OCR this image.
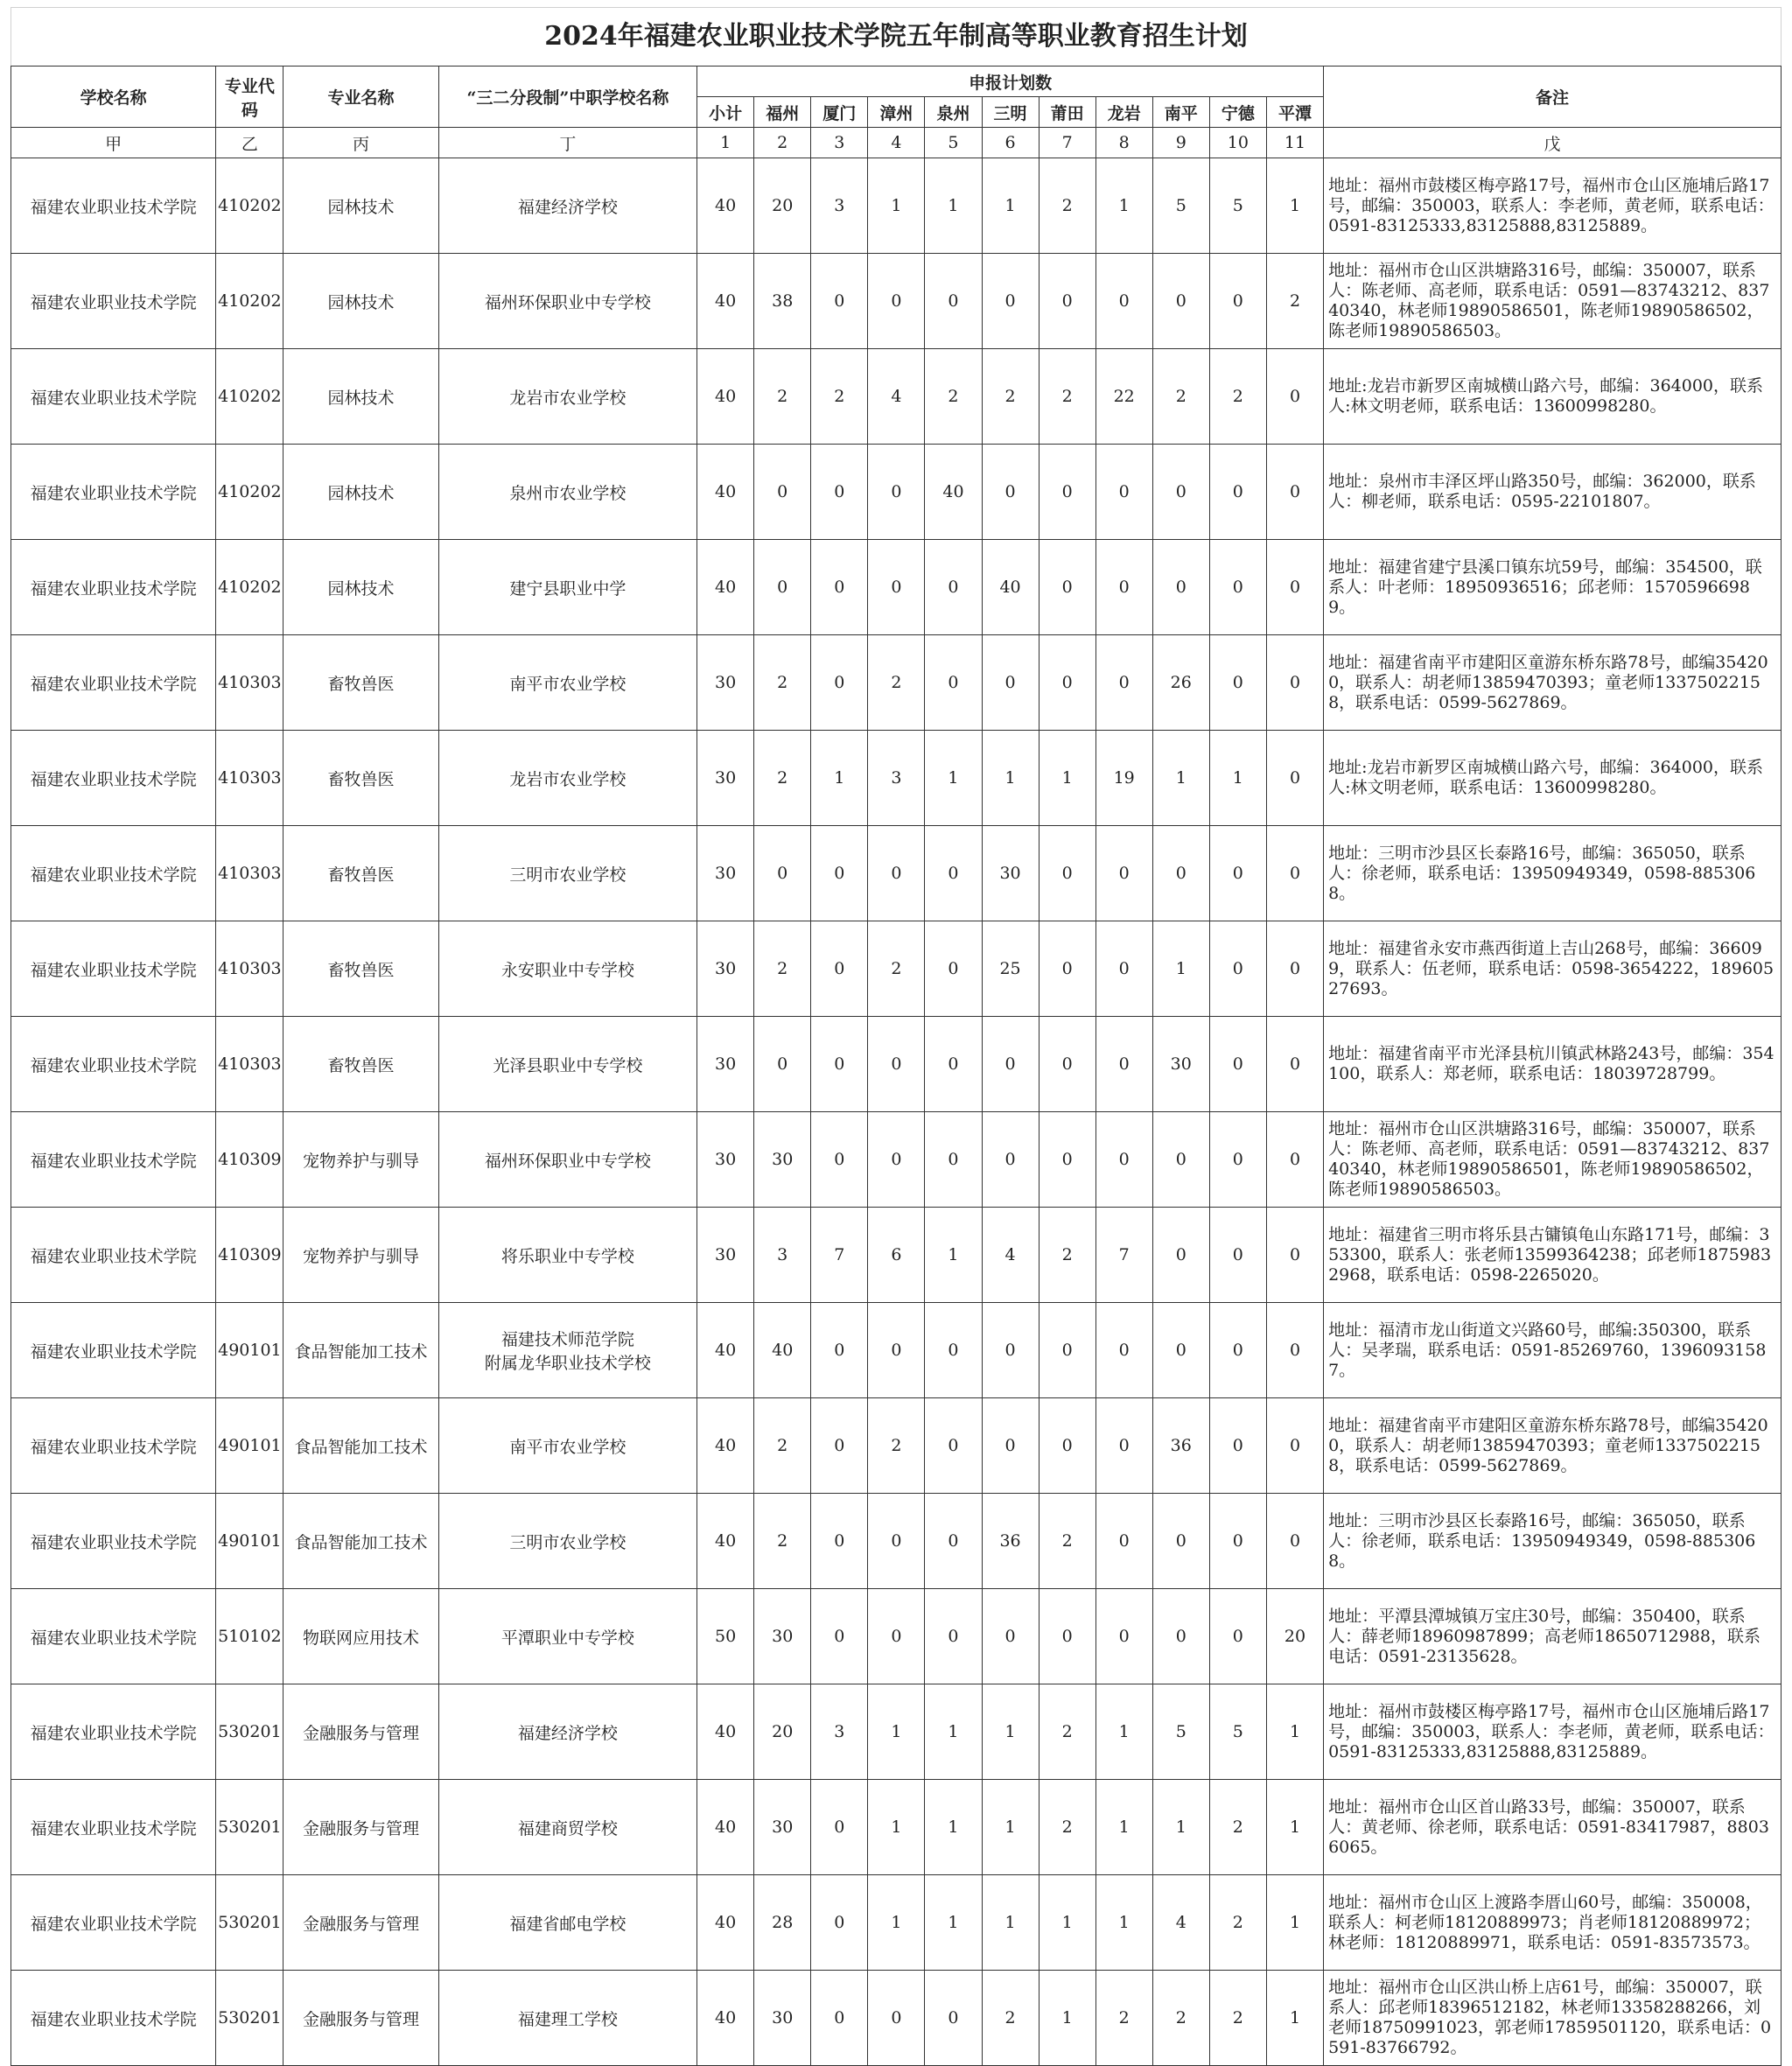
2024年福建农业职业技术学院五年制高等职业教育招生计划
学校名称	专业代码	专业名称	“三二分段制”中职学校名称	申报计划数											备注
				小计	福州	厦门	漳州	泉州	三明	莆田	龙岩	南平	宁德	平潭	
甲	乙	丙	丁	1	2	3	4	5	6	7	8	9	10	11	戊
福建农业职业技术学院	410202	园林技术	福建经济学校	40	20	3	1	1	1	2	1	5	5	1	地址：福州市鼓楼区梅亭路17号，福州市仓山区施埔后路17号，邮编：350003，联系人：李老师，黄老师，联系电话：0591-83125333,83125888,83125889。
福建农业职业技术学院	410202	园林技术	福州环保职业中专学校	40	38	0	0	0	0	0	0	0	0	2	地址：福州市仓山区洪塘路316号，邮编：350007，联系人：陈老师、高老师，联系电话：0591—83743212、83740340，林老师19890586501，陈老师19890586502，陈老师19890586503。
福建农业职业技术学院	410202	园林技术	龙岩市农业学校	40	2	2	4	2	2	2	22	2	2	0	地址:龙岩市新罗区南城横山路六号，邮编：364000，联系人:林文明老师，联系电话：13600998280。
福建农业职业技术学院	410202	园林技术	泉州市农业学校	40	0	0	0	40	0	0	0	0	0	0	地址：泉州市丰泽区坪山路350号，邮编：362000，联系人：柳老师，联系电话：0595-22101807。
福建农业职业技术学院	410202	园林技术	建宁县职业中学	40	0	0	0	0	40	0	0	0	0	0	地址：福建省建宁县溪口镇东坑59号，邮编：354500，联系人：叶老师：18950936516；邱老师：15705966989。
福建农业职业技术学院	410303	畜牧兽医	南平市农业学校	30	2	0	2	0	0	0	0	26	0	0	地址：福建省南平市建阳区童游东桥东路78号，邮编354200，联系人：胡老师13859470393；童老师13375022158，联系电话：0599-5627869。
福建农业职业技术学院	410303	畜牧兽医	龙岩市农业学校	30	2	1	3	1	1	1	19	1	1	0	地址:龙岩市新罗区南城横山路六号，邮编：364000，联系人:林文明老师，联系电话：13600998280。
福建农业职业技术学院	410303	畜牧兽医	三明市农业学校	30	0	0	0	0	30	0	0	0	0	0	地址：三明市沙县区长泰路16号，邮编：365050，联系人：徐老师，联系电话：13950949349，0598-8853068。
福建农业职业技术学院	410303	畜牧兽医	永安职业中专学校	30	2	0	2	0	25	0	0	1	0	0	地址：福建省永安市燕西街道上吉山268号，邮编：366099，联系人：伍老师，联系电话：0598-3654222，18960527693。
福建农业职业技术学院	410303	畜牧兽医	光泽县职业中专学校	30	0	0	0	0	0	0	0	30	0	0	地址：福建省南平市光泽县杭川镇武林路243号，邮编：354100，联系人：郑老师，联系电话：18039728799。
福建农业职业技术学院	410309	宠物养护与驯导	福州环保职业中专学校	30	30	0	0	0	0	0	0	0	0	0	地址：福州市仓山区洪塘路316号，邮编：350007，联系人：陈老师、高老师，联系电话：0591—83743212、83740340，林老师19890586501，陈老师19890586502，陈老师19890586503。
福建农业职业技术学院	410309	宠物养护与驯导	将乐职业中专学校	30	3	7	6	1	4	2	7	0	0	0	地址：福建省三明市将乐县古镛镇龟山东路171号，邮编：353300，联系人：张老师13599364238；邱老师18759832968，联系电话：0598-2265020。
福建农业职业技术学院	490101	食品智能加工技术	福建技术师范学院
附属龙华职业技术学校	40	40	0	0	0	0	0	0	0	0	0	地址：福清市龙山街道文兴路60号，邮编:350300，联系人：吴孝瑞，联系电话：0591-85269760，13960931587。
福建农业职业技术学院	490101	食品智能加工技术	南平市农业学校	40	2	0	2	0	0	0	0	36	0	0	地址：福建省南平市建阳区童游东桥东路78号，邮编354200，联系人：胡老师13859470393；童老师13375022158，联系电话：0599-5627869。
福建农业职业技术学院	490101	食品智能加工技术	三明市农业学校	40	2	0	0	0	36	2	0	0	0	0	地址：三明市沙县区长泰路16号，邮编：365050，联系人：徐老师，联系电话：13950949349，0598-8853068。
福建农业职业技术学院	510102	物联网应用技术	平潭职业中专学校	50	30	0	0	0	0	0	0	0	0	20	地址：平潭县潭城镇万宝庄30号，邮编：350400，联系人：薛老师18960987899；高老师18650712988，联系电话：0591-23135628。
福建农业职业技术学院	530201	金融服务与管理	福建经济学校	40	20	3	1	1	1	2	1	5	5	1	地址：福州市鼓楼区梅亭路17号，福州市仓山区施埔后路17号，邮编：350003，联系人：李老师，黄老师，联系电话：0591-83125333,83125888,83125889。
福建农业职业技术学院	530201	金融服务与管理	福建商贸学校	40	30	0	1	1	1	2	1	1	2	1	地址：福州市仓山区首山路33号，邮编：350007，联系人：黄老师、徐老师，联系电话：0591-83417987，88036065。
福建农业职业技术学院	530201	金融服务与管理	福建省邮电学校	40	28	0	1	1	1	1	1	4	2	1	地址：福州市仓山区上渡路李厝山60号，邮编：350008，联系人：柯老师18120889973；肖老师18120889972；林老师：18120889971，联系电话：0591-83573573。
福建农业职业技术学院	530201	金融服务与管理	福建理工学校	40	30	0	0	0	2	1	2	2	2	1	地址：福州市仓山区洪山桥上店61号，邮编：350007，联系人：邱老师18396512182，林老师13358288266，刘老师18750991023，郭老师17859501120，联系电话：0591-83766792。
